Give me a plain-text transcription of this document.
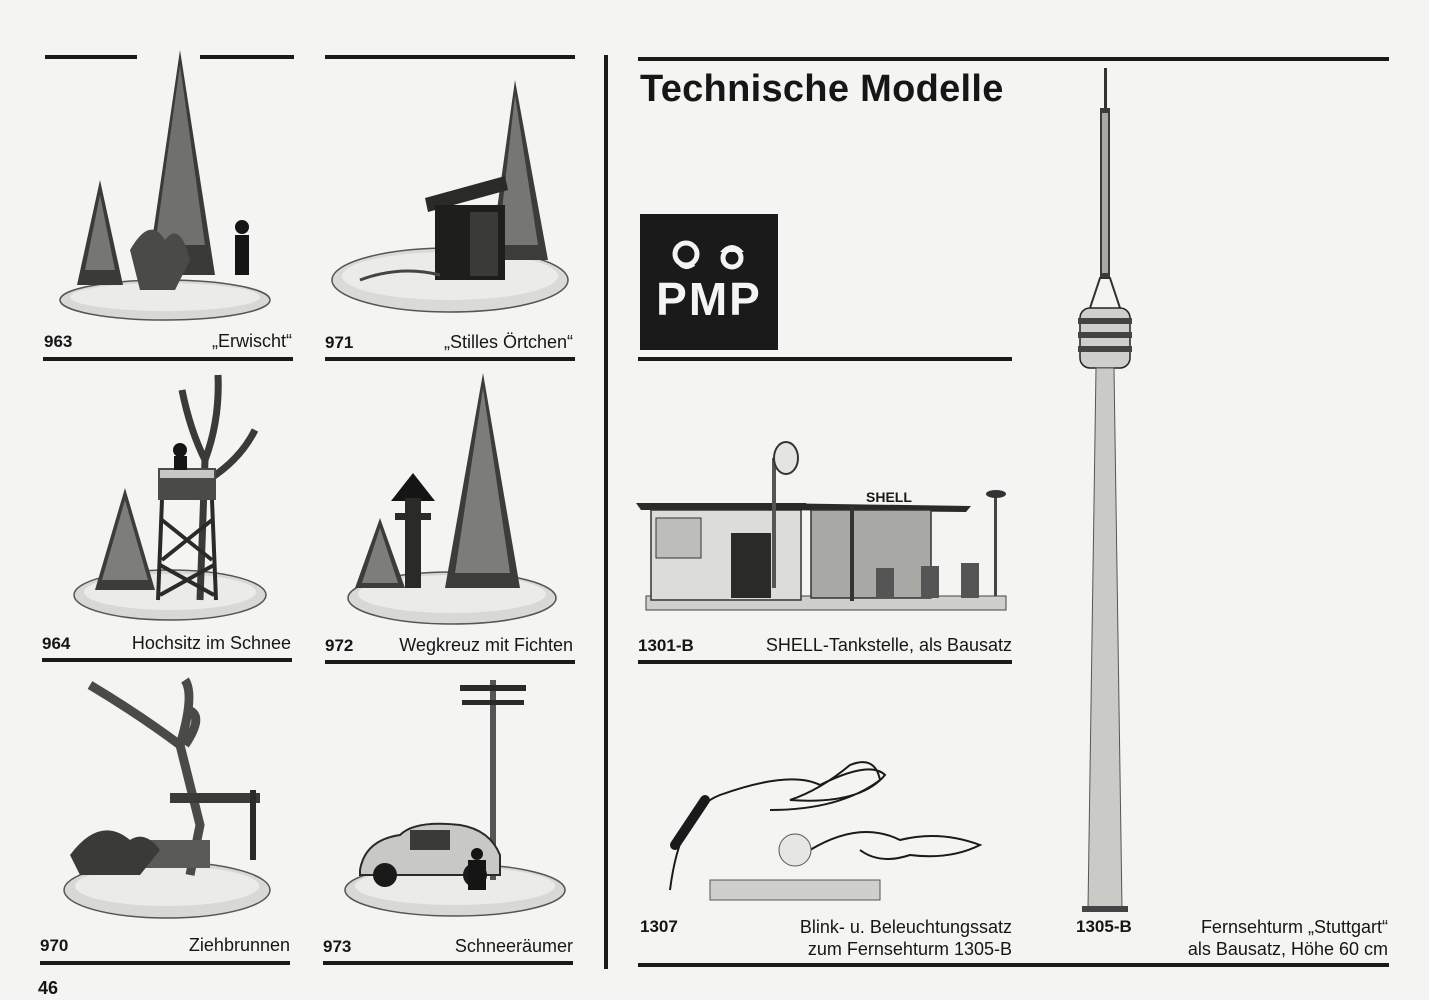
963	„Erwischt“ 971	„Stilles Örtchen“
964	Hochsitz im Schnee 972	Wegkreuz mit Fichten
970	Ziehbrunnen 973	Schneeräumer
46
Technische Modelle
PMP
SHELL
1301-B	SHELL-Tankstelle, als Bausatz
1307	Blink- u. Beleuchtungssatz
zum Fernsehturm 1305-B
1305-B	Fernsehturm „Stuttgart“
als Bausatz, Höhe 60 cm
